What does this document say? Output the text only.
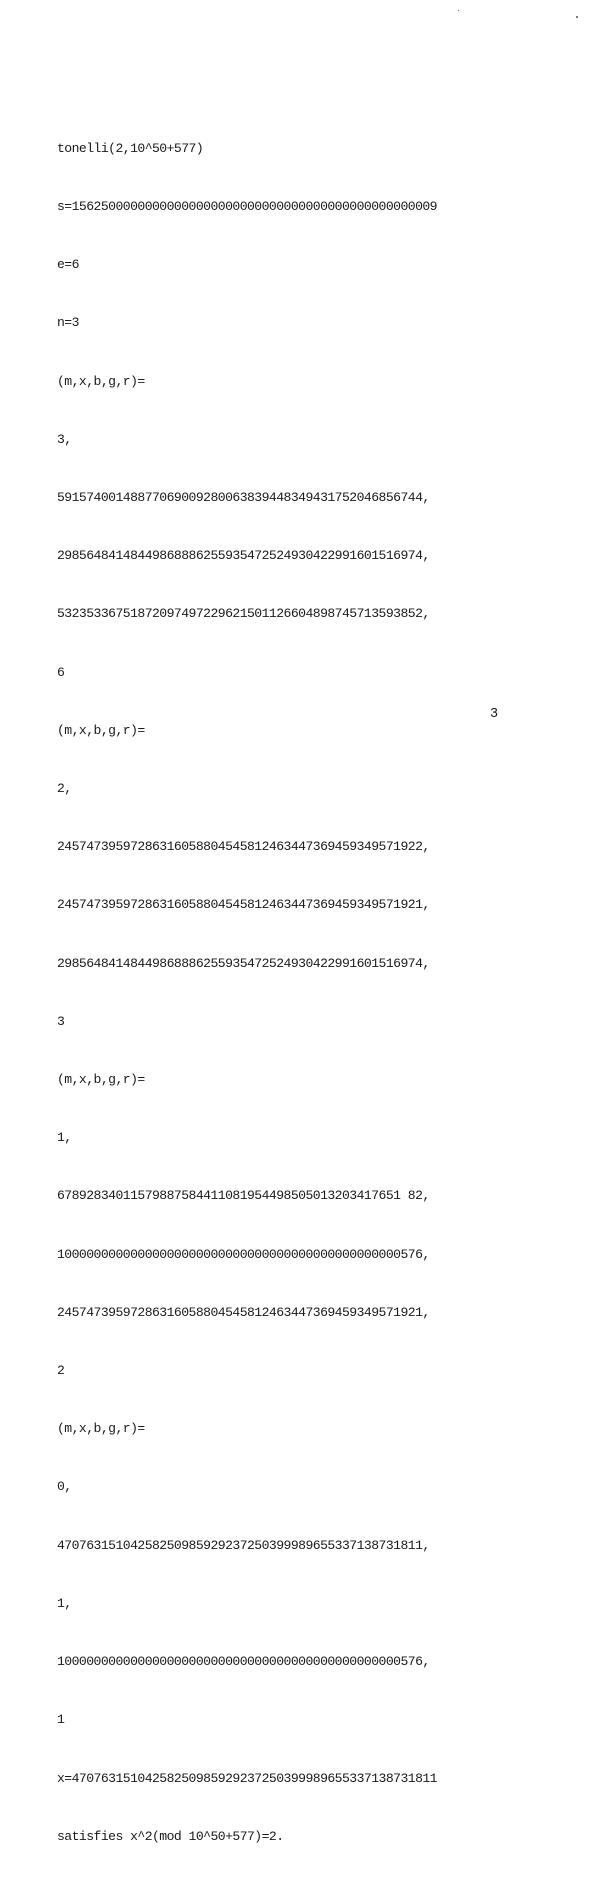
tonelli(2,10^50+577)

s=15625000000000000000000000000000000000000000000009

e=6

n=3

(m,x,b,g,r)=

3,

59157400148877069009280063839448349431752046856744,

29856484148449868886255935472524930422991601516974,

53235336751872097497229621501126604898745713593852,

6

(m,x,b,g,r)=

2,

24574739597286316058804545812463447369459349571922,

24574739597286316058804545812463447369459349571921,

29856484148449868886255935472524930422991601516974,

3

(m,x,b,g,r)=

1,

67892834011579887584411081954498505013203417651 82,

10000000000000000000000000000000000000000000000576,

24574739597286316058804545812463447369459349571921,

2

(m,x,b,g,r)=

0,

47076315104258250985929237250399989655337138731811,

1,

10000000000000000000000000000000000000000000000576,

1

x=47076315104258250985929237250399989655337138731811

satisfies x^2(mod 10^50+577)=2.

3
